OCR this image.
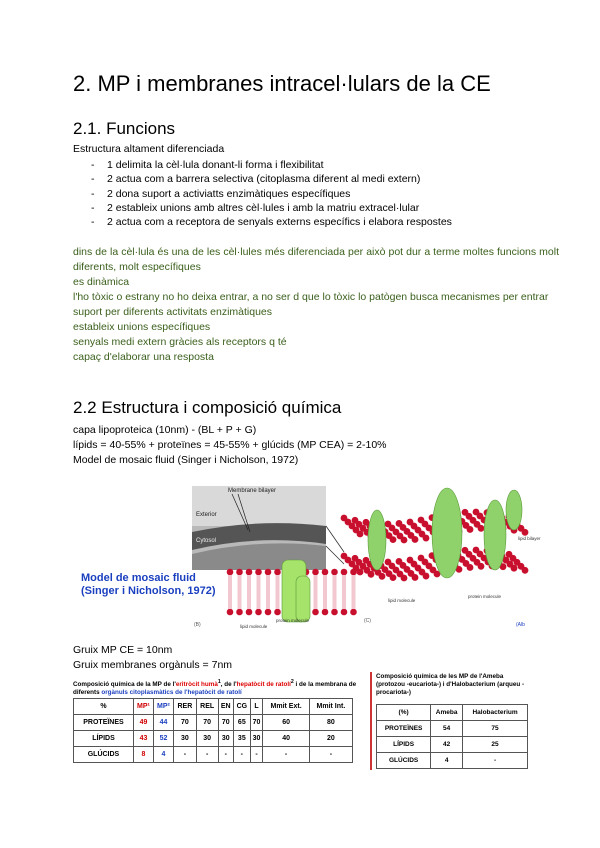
2. MP i membranes intracel·lulars de la CE
2.1. Funcions
Estructura altament diferenciada
- 1 delimita la cèl·lula donant-li forma i flexibilitat
- 2 actua com a barrera selectiva (citoplasma diferent al medi extern)
- 2 dona suport a activiatts enzimàtiques específiques
- 2 estableix unions amb altres cèl·lules i amb la matriu extracel·lular
- 2 actua com a receptora de senyals externs específics i elabora respostes
dins de la cèl·lula és una de les cèl·lules més diferenciada per això pot dur a terme moltes funcions molt diferents, molt específiques
es dinàmica
l'ho tòxic o estrany no ho deixa entrar, a no ser d que lo tòxic lo patògen busca mecanismes per entrar
suport per diferents activitats enzimàtiques
estableix unions específiques
senyals medi extern gràcies als receptors q té
capaç d'elaborar una resposta
2.2 Estructura i composició química
capa lipoproteica (10nm) - (BL + P + G)
lípids = 40-55% + proteïnes = 45-55% + glúcids (MP CEA) = 2-10%
Model de mosaic fluid (Singer i Nicholson, 1972)
Membrane bilayer
Exterior
Cytosol
lipid molecule
protein molecule
lipid molecule
protein molecule
lipid bilayer
(B)
(C)
(Alb
Model de mosaic fluid
(Singer i Nicholson, 1972)
Gruix MP CE = 10nm
Gruix membranes orgànuls = 7nm
Composició química de la MP de l'eritròcit humà$^1$, de l'hepatòcit de ratolí$^2$ i de la membrana de diferents orgànuls citoplasmàtics de l'hepatòcit de ratolí
%	MP¹	MP²	RER	REL	EN	CG	L	Mmit Ext.	Mmit Int.
PROTEÏNES	49	44	70	70	70	65	70	60	80
LÍPIDS	43	52	30	30	30	35	30	40	20
GLÚCIDS	8	4	-	-	-	-	-	-	-
Composició química de les MP de l'Ameba (protozou -eucariota-) i d'Halobacterium (arqueu -procariota-)
(%)	Ameba	Halobacterium
PROTEÏNES	54	75
LÍPIDS	42	25
GLÚCIDS	4	-
